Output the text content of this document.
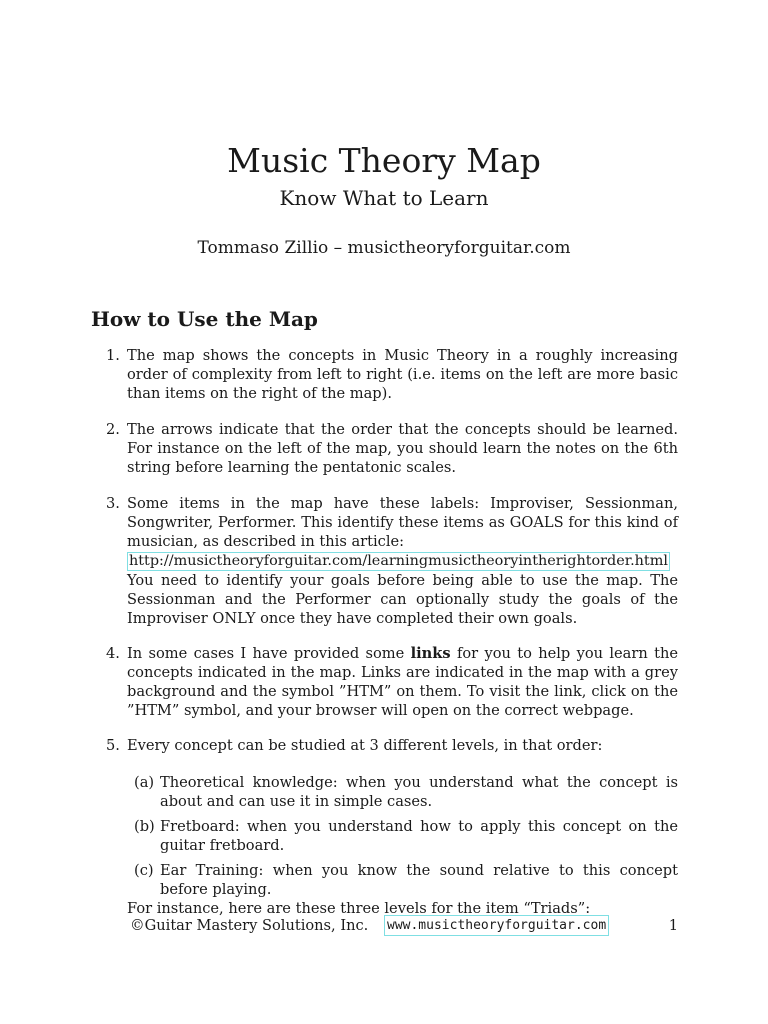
Music Theory Map
Know What to Learn
Tommaso Zillio – musictheoryforguitar.com
How to Use the Map
1. The map shows the concepts in Music Theory in a roughly increasing order of complexity from left to right (i.e. items on the left are more basic than items on the right of the map).

2. The arrows indicate that the order that the concepts should be learned. For instance on the left of the map, you should learn the notes on the 6th string before learning the pentatonic scales.

3. Some items in the map have these labels: Improviser, Sessionman, Songwriter, Performer. This identify these items as GOALS for this kind of musician, as described in this article:

http://musictheoryforguitar.com/learningmusictheoryintherightorder.html

You need to identify your goals before being able to use the map. The Sessionman and the Performer can optionally study the goals of the Improviser ONLY once they have completed their own goals.

4. In some cases I have provided some links for you to help you learn the concepts indicated in the map. Links are indicated in the map with a grey background and the symbol ”HTM” on them. To visit the link, click on the ”HTM” symbol, and your browser will open on the correct webpage.

5. Every concept can be studied at 3 different levels, in that order:

(a) Theoretical knowledge: when you understand what the concept is about and can use it in simple cases.
(b) Fretboard: when you understand how to apply this concept on the guitar fretboard.
(c) Ear Training: when you know the sound relative to this concept before playing.

For instance, here are these three levels for the item “Triads”:

©Guitar Mastery Solutions, Inc. www.musictheoryforguitar.com	1
